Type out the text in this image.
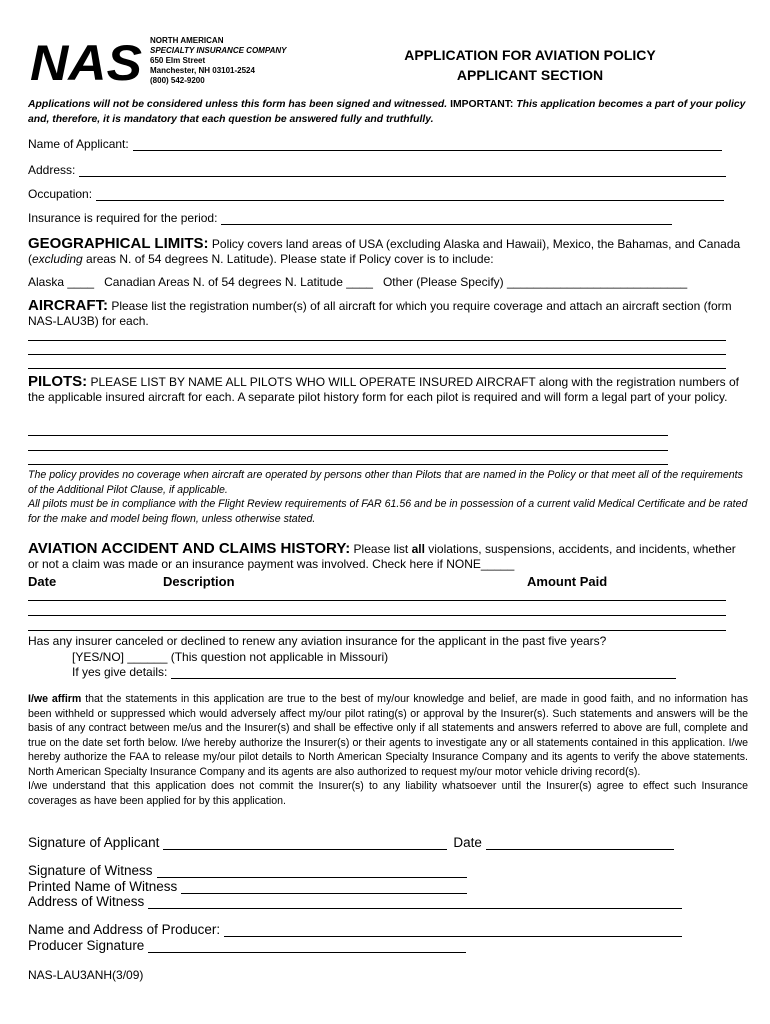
NAS NORTH AMERICAN
SPECIALTY INSURANCE COMPANY
650 Elm Street
Manchester, NH 03101-2524
(800) 542-9200
APPLICATION FOR AVIATION POLICY
APPLICANT SECTION
Applications will not be considered unless this form has been signed and witnessed. IMPORTANT: This application becomes a part of your policy and, therefore, it is mandatory that each question be answered fully and truthfully.
Name of Applicant:
Address:
Occupation:
Insurance is required for the period:
GEOGRAPHICAL LIMITS: Policy covers land areas of USA (excluding Alaska and Hawaii), Mexico, the Bahamas, and Canada (excluding areas N. of 54 degrees N. Latitude). Please state if Policy cover is to include:
Alaska ____ Canadian Areas N. of 54 degrees N. Latitude ____ Other (Please Specify) ___________________________
AIRCRAFT: Please list the registration number(s) of all aircraft for which you require coverage and attach an aircraft section (form NAS-LAU3B) for each.
PILOTS: PLEASE LIST BY NAME ALL PILOTS WHO WILL OPERATE INSURED AIRCRAFT along with the registration numbers of the applicable insured aircraft for each. A separate pilot history form for each pilot is required and will form a legal part of your policy.
The policy provides no coverage when aircraft are operated by persons other than Pilots that are named in the Policy or that meet all of the requirements of the Additional Pilot Clause, if applicable.
All pilots must be in compliance with the Flight Review requirements of FAR 61.56 and be in possession of a current valid Medical Certificate and be rated for the make and model being flown, unless otherwise stated.
AVIATION ACCIDENT AND CLAIMS HISTORY: Please list all violations, suspensions, accidents, and incidents, whether or not a claim was made or an insurance payment was involved. Check here if NONE_____
Date	Description	Amount Paid
Has any insurer canceled or declined to renew any aviation insurance for the applicant in the past five years?
[YES/NO] ______ (This question not applicable in Missouri)
If yes give details:
I/we affirm that the statements in this application are true to the best of my/our knowledge and belief, are made in good faith, and no information has been withheld or suppressed which would adversely affect my/our pilot rating(s) or approval by the Insurer(s). Such statements and answers will be the basis of any contract between me/us and the Insurer(s) and shall be effective only if all statements and answers referred to above are full, complete and true on the date set forth below. I/we hereby authorize the Insurer(s) or their agents to investigate any or all statements contained in this application. I/we hereby authorize the FAA to release my/our pilot details to North American Specialty Insurance Company and its agents to verify the above statements. North American Specialty Insurance Company and its agents are also authorized to request my/our motor vehicle driving record(s).
I/we understand that this application does not commit the Insurer(s) to any liability whatsoever until the Insurer(s) agree to effect such Insurance coverages as have been applied for by this application.
Signature of Applicant	Date
Signature of Witness
Printed Name of Witness
Address of Witness
Name and Address of Producer:
Producer Signature
NAS-LAU3ANH(3/09)
